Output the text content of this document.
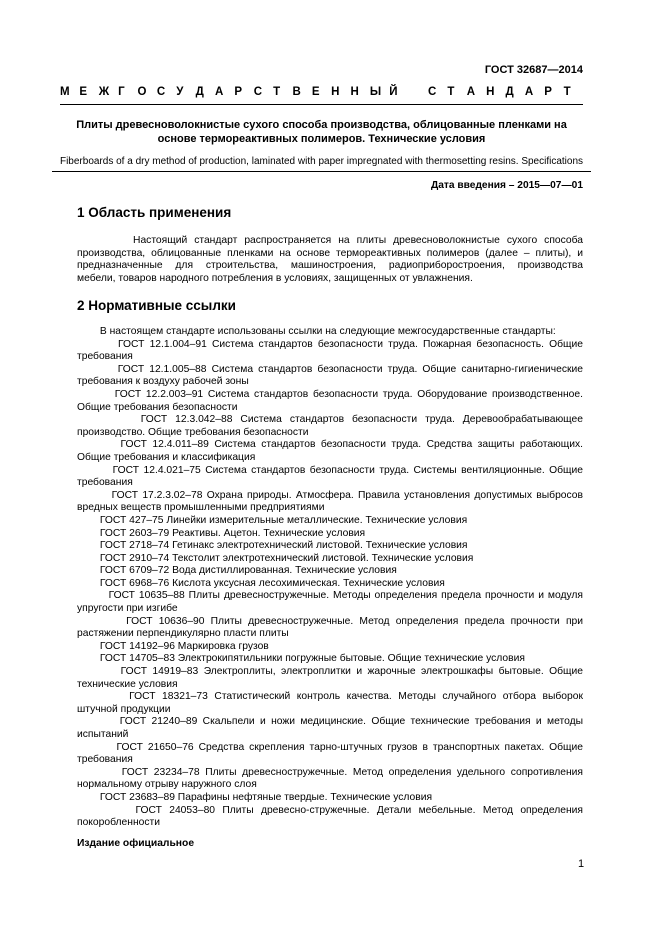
ГОСТ 32687—2014
М Е Ж Г О С У Д А Р С Т В Е Н Н Ы Й	С Т А Н Д А Р Т
Плиты древесноволокнистые сухого способа производства, облицованные пленками на
основе термореактивных полимеров. Технические условия
Fiberboards of a dry method of production, laminated with paper impregnated with thermosetting resins. Specifications
Дата введения – 2015—07—01
1 Область применения
Настоящий стандарт распространяется на плиты древесноволокнистые сухого способа
производства, облицованные пленками на основе термореактивных полимеров (далее – плиты), и
предназначенные для строительства, машиностроения, радиоприборостроения, производства
мебели, товаров народного потребления в условиях, защищенных от увлажнения.
2 Нормативные ссылки
В настоящем стандарте использованы ссылки на следующие межгосударственные стандарты:
ГОСТ 12.1.004–91 Система стандартов безопасности труда. Пожарная безопасность. Общие
требования
ГОСТ 12.1.005–88 Система стандартов безопасности труда. Общие санитарно-гигиенические
требования к воздуху рабочей зоны
ГОСТ 12.2.003–91 Система стандартов безопасности труда. Оборудование производственное.
Общие требования безопасности
ГОСТ 12.3.042–88 Система стандартов безопасности труда. Деревообрабатывающее
производство. Общие требования безопасности
ГОСТ 12.4.011–89 Система стандартов безопасности труда. Средства защиты работающих.
Общие требования и классификация
ГОСТ 12.4.021–75 Система стандартов безопасности труда. Системы вентиляционные. Общие
требования
ГОСТ 17.2.3.02–78 Охрана природы. Атмосфера. Правила установления допустимых выбросов
вредных веществ промышленными предприятиями
ГОСТ 427–75 Линейки измерительные металлические. Технические условия
ГОСТ 2603–79 Реактивы. Ацетон. Технические условия
ГОСТ 2718–74 Гетинакс электротехнический листовой. Технические условия
ГОСТ 2910–74 Текстолит электротехнический листовой. Технические условия
ГОСТ 6709–72 Вода дистиллированная. Технические условия
ГОСТ 6968–76 Кислота уксусная лесохимическая. Технические условия
ГОСТ 10635–88 Плиты древесностружечные. Методы определения предела прочности и модуля
упругости при изгибе
ГОСТ 10636–90 Плиты древесностружечные. Метод определения предела прочности при
растяжении перпендикулярно пласти плиты
ГОСТ 14192–96 Маркировка грузов
ГОСТ 14705–83 Электрокипятильники погружные бытовые. Общие технические условия
ГОСТ 14919–83 Электроплиты, электроплитки и жарочные электрошкафы бытовые. Общие
технические условия
ГОСТ 18321–73 Статистический контроль качества. Методы случайного отбора выборок
штучной продукции
ГОСТ 21240–89 Скальпели и ножи медицинские. Общие технические требования и методы
испытаний
ГОСТ 21650–76 Средства скрепления тарно-штучных грузов в транспортных пакетах. Общие
требования
ГОСТ 23234–78 Плиты древесностружечные. Метод определения удельного сопротивления
нормальному отрыву наружного слоя
ГОСТ 23683–89 Парафины нефтяные твердые. Технические условия
ГОСТ 24053–80 Плиты древесно-стружечные. Детали мебельные. Метод определения
покоробленности
Издание официальное
1
